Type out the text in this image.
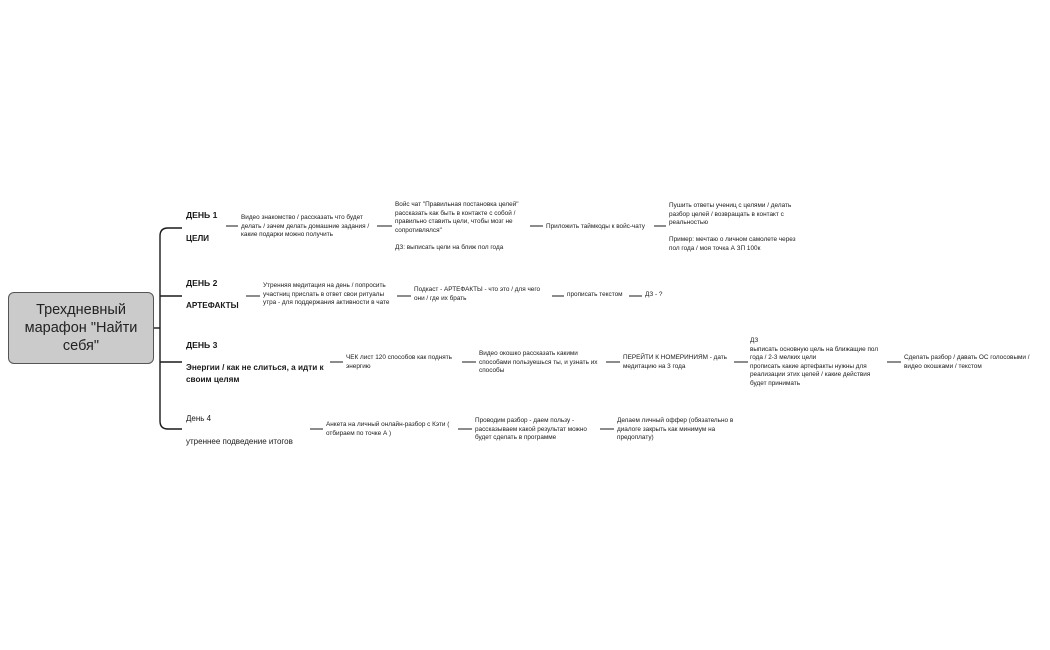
Трехдневный марафон "Найти себя"
ДЕНЬ 1
ЦЕЛИ
Видео знакомство / рассказать что будет делать / зачем делать домашние задания / какие подарки можно получить
Войс чат "Правильная постановка целей" рассказать как быть в контакте с собой / правильно ставить цели, чтобы мозг не сопротивлялся"

ДЗ: выписать цели на ближ пол года
Приложить таймкоды к войс-чату
Пушить ответы учениц с целями / делать разбор целей / возвращать в контакт с реальностью

Пример: мечтаю о личном самолете через пол года / моя точка А ЗП 100к
ДЕНЬ 2
АРТЕФАКТЫ
Утренняя медитация на день / попросить участниц прислать в ответ свои ритуалы утра - для поддержания активности в чате
Подкаст - АРТЕФАКТЫ - что это / для чего они / где их брать	прописать текстом	ДЗ - ?
ДЕНЬ 3
Энергии / как не слиться, а идти к своим целям
ЧЕК лист 120 способов как поднять энергию
Видео окошко рассказать какими способами пользуешься ты, и узнать их способы
ПЕРЕЙТИ К НОМЕРИНИЯМ - дать медитацию на 3 года
ДЗ
выписать основную цель на ближащие пол года / 2-3 мелких цели
прописать какие артефакты нужны для реализации этих целей / какие действия будет принимать
Сделать разбор / давать ОС голосовыми / видео окошками / текстом
День 4
утреннее подведение итогов
Анкета на личный онлайн-разбор с Кэти ( отбираем по точке А )
Проводим разбор - даем пользу - рассказываем какой результат можно будет сделать в программе
Делаем личный оффер (обязательно в диалоге закрыть как минимум на предоплату)
